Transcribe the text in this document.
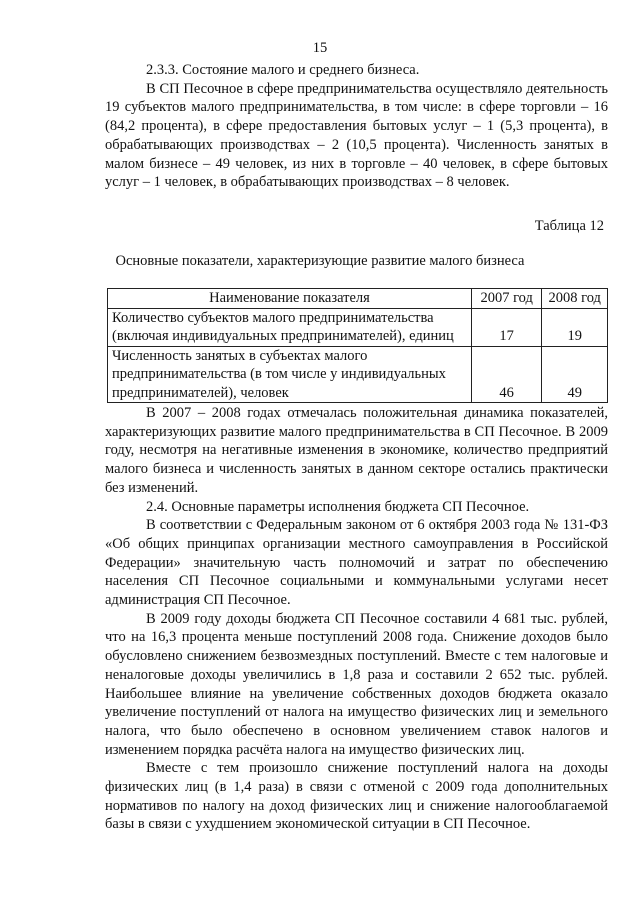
15

2.3.3. Состояние малого и среднего бизнеса.

В СП Песочное в сфере предпринимательства осуществляло деятельность 19 субъектов малого предпринимательства, в том числе: в сфере торговли – 16 (84,2 процента), в сфере предоставления бытовых услуг – 1 (5,3 процента), в обрабатывающих производствах – 2 (10,5 процента). Численность занятых в малом бизнесе – 49 человек, из них в торговле – 40 человек, в сфере бытовых услуг – 1 человек, в обрабатывающих производствах – 8 человек.

Таблица 12
Основные показатели, характеризующие развитие малого бизнеса
Наименование показателя	2007 год	2008 год
Количество субъектов малого предпринимательства (включая индивидуальных предпринимателей), единиц	17	19
Численность занятых в субъектах малого предпринимательства (в том числе у индивидуальных предпринимателей), человек	46	49

В 2007 – 2008 годах отмечалась положительная динамика показателей, характеризующих развитие малого предпринимательства в СП Песочное. В 2009 году, несмотря на негативные изменения в экономике, количество предприятий малого бизнеса и численность занятых в данном секторе остались практически без изменений.

2.4. Основные параметры исполнения бюджета СП Песочное.

В соответствии с Федеральным законом от 6 октября 2003 года № 131-ФЗ «Об общих принципах организации местного самоуправления в Российской Федерации» значительную часть полномочий и затрат по обеспечению населения СП Песочное социальными и коммунальными услугами несет администрация СП Песочное.

В 2009 году доходы бюджета СП Песочное составили 4 681 тыс. рублей, что на 16,3 процента меньше поступлений 2008 года. Снижение доходов было обусловлено снижением безвозмездных поступлений. Вместе с тем налоговые и неналоговые доходы увеличились в 1,8 раза и составили 2 652 тыс. рублей. Наибольшее влияние на увеличение собственных доходов бюджета оказало увеличение поступлений от налога на имущество физических лиц и земельного налога, что было обеспечено в основном увеличением ставок налогов и изменением порядка расчёта налога на имущество физических лиц.

Вместе с тем произошло снижение поступлений налога на доходы физических лиц (в 1,4 раза) в связи с отменой с 2009 года дополнительных нормативов по налогу на доход физических лиц и снижение налогооблагаемой базы в связи с ухудшением экономической ситуации в СП Песочное.
